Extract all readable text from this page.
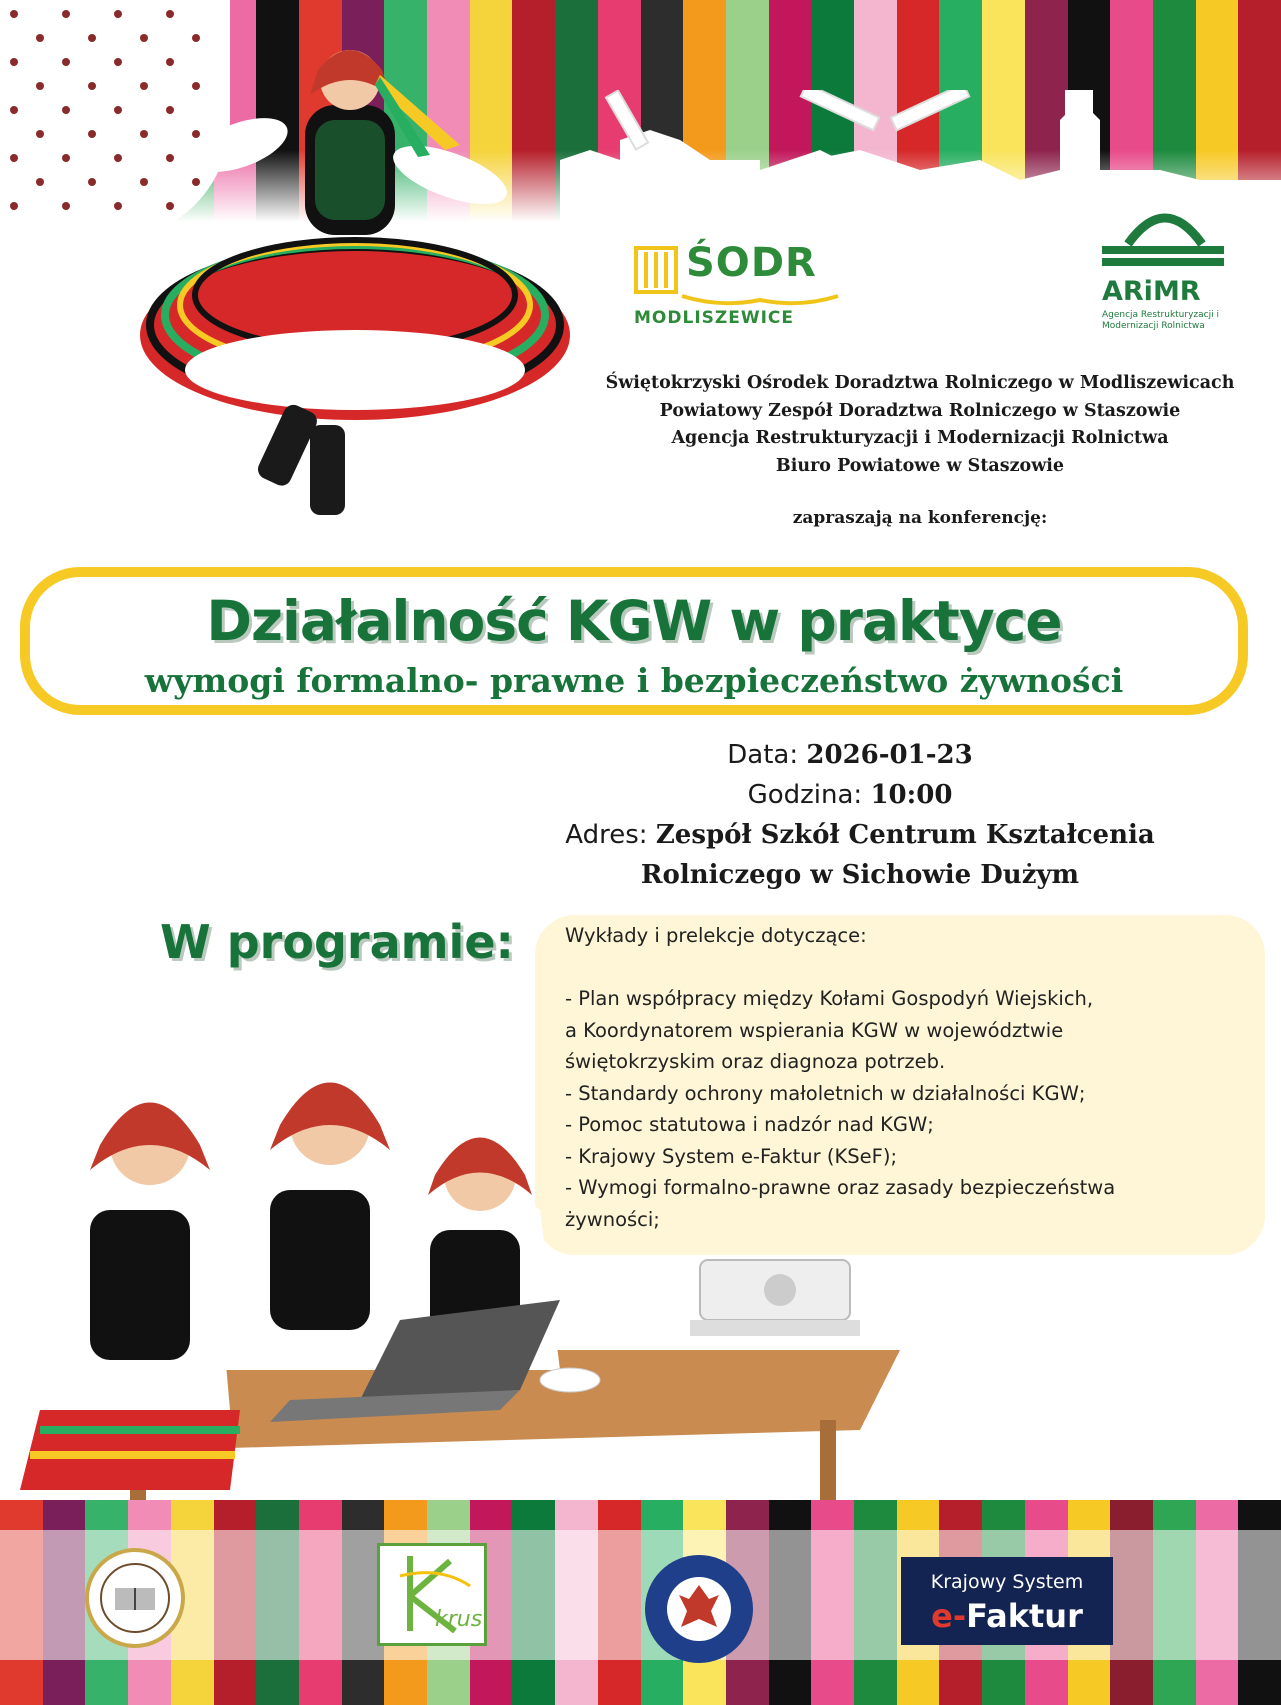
ŚODR
MODLISZEWICE
ARiMR
Agencja Restrukturyzacji i Modernizacji Rolnictwa
Świętokrzyski Ośrodek Doradztwa Rolniczego w Modliszewicach
Powiatowy Zespół Doradztwa Rolniczego w Staszowie
Agencja Restrukturyzacji i Modernizacji Rolnictwa
Biuro Powiatowe w Staszowie
zapraszają na konferencję:
Działalność KGW w praktyce
wymogi formalno- prawne i bezpieczeństwo żywności
Data: 2026-01-23
Godzina: 10:00
Adres: Zespół Szkół Centrum Kształcenia
Rolniczego w Sichowie Dużym
W programie:	Wykłady i prelekcje dotyczące:

- Plan współpracy między Kołami Gospodyń Wiejskich,

a Koordynatorem wspierania KGW w województwie

świętokrzyskim oraz diagnoza potrzeb.

- Standardy ochrony małoletnich w działalności KGW;

- Pomoc statutowa i nadzór nad KGW;

- Krajowy System e-Faktur (KSeF);

- Wymogi formalno-prawne oraz zasady bezpieczeństwa

żywności;

krus
Krajowy System
e-Faktur
